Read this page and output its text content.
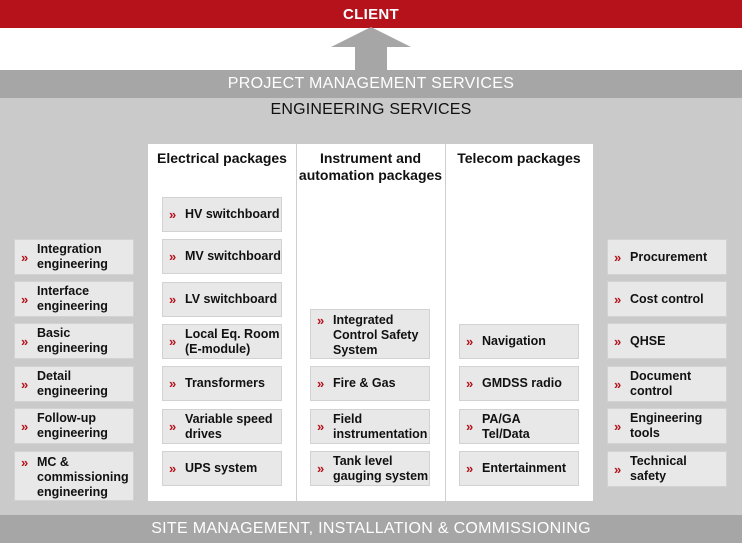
CLIENT
PROJECT MANAGEMENT SERVICES
ENGINEERING SERVICES
Electrical packages	Instrument and
automation packages
Telecom packages
»
Integration
engineering
»
Interface
engineering
»
Basic
engineering
»
Detail
engineering
»
Follow-up
engineering
» MC &
commissioning
engineering
» HV switchboard
» MV switchboard
» LV switchboard
»
Local Eq. Room
(E-module)
» Transformers
»
Variable speed
drives
» UPS system
» Integrated
Control Safety
System
» Fire & Gas
»
Field
instrumentation
»
Tank level
gauging system
» Navigation
» GMDSS radio
»
PA/GA
Tel/Data
» Entertainment
» Procurement
» Cost control
» QHSE
»
Document
control
»
Engineering
tools
»
Technical safety
SITE MANAGEMENT, INSTALLATION & COMMISSIONING
